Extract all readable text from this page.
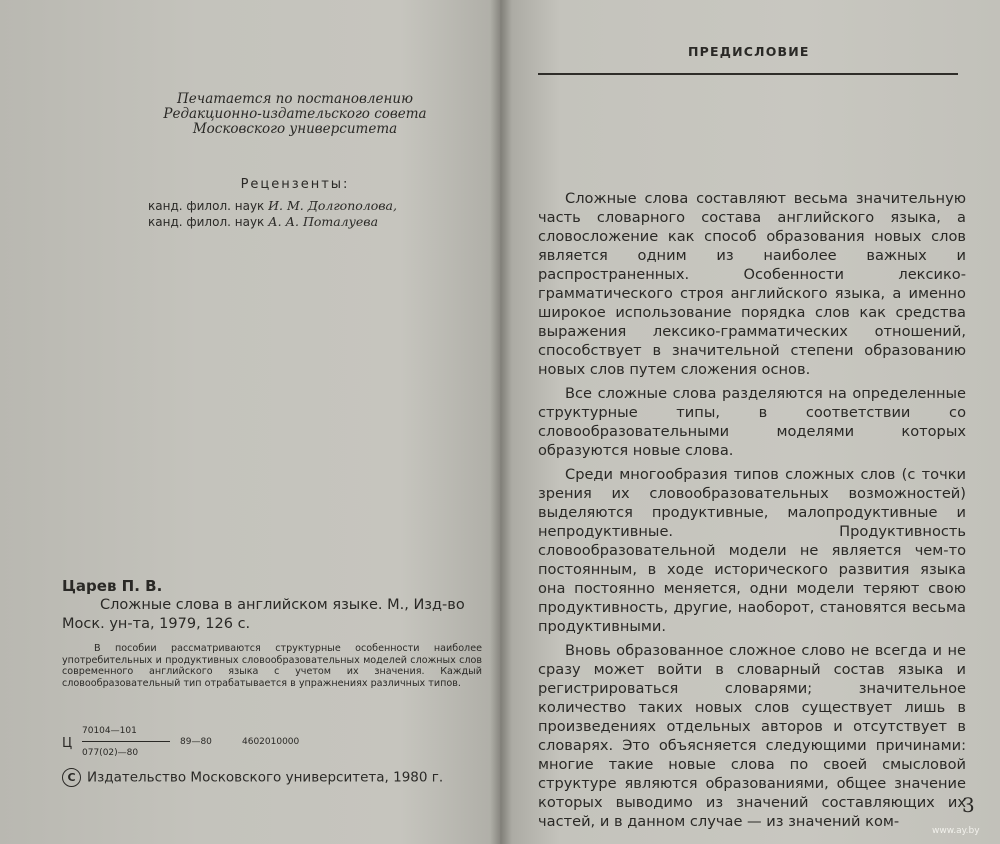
Печатается по постановлению
Редакционно-издательского совета
Московского университета
Рецензенты:
канд. филол. наук И. М. Долгополова,
канд. филол. наук А. А. Поталуева
Царев П. В.
Сложные слова в английском языке. М., Изд-во Моск. ун-та, 1979, 126 с.
В пособии рассматриваются структурные особенности наиболее употребительных и продуктивных словообразовательных моделей сложных слов современного английского языка с учетом их значения. Каждый словообразовательный тип отрабатывается в упражнениях различных типов.
Ц
70104—101
077(02)—80
89—80	4602010000
C Издательство Московского университета, 1980 г.
ПРЕДИСЛОВИЕ

Сложные слова составляют весьма значительную часть словарного состава английского языка, а словосложение как способ образования новых слов является одним из наиболее важных и распространенных. Особенности лексико-грамматического строя английского языка, а именно широкое использование порядка слов как средства выражения лексико-грамматических отношений, способствует в значительной степени образованию новых слов путем сложения основ.

Все сложные слова разделяются на определенные структурные типы, в соответствии со словообразовательными моделями которых образуются новые слова.

Среди многообразия типов сложных слов (с точки зрения их словообразовательных возможностей) выделяются продуктивные, малопродуктивные и непродуктивные. Продуктивность словообразовательной модели не является чем-то постоянным, в ходе исторического развития языка она постоянно меняется, одни модели теряют свою продуктивность, другие, наоборот, становятся весьма продуктивными.

Вновь образованное сложное слово не всегда и не сразу может войти в словарный состав языка и регистрироваться словарями; значительное количество таких новых слов существует лишь в произведениях отдельных авторов и отсутствует в словарях. Это объясняется следующими причинами: многие такие новые слова по своей смысловой структуре являются образованиями, общее значение которых выводимо из значений составляющих их частей, и в данном случае — из значений ком-

3
www.ay.by
